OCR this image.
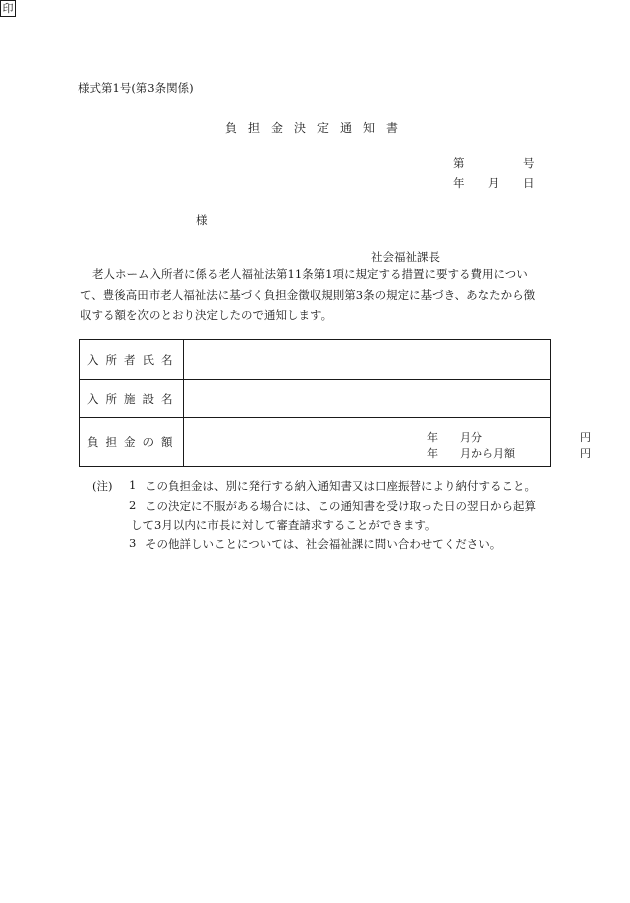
様式第1号(第3条関係)
負担金決定通知書
第	号
年 月 日
様
社会福祉課長
印
老人ホーム入所者に係る老人福祉法第11条第1項に規定する措置に要する費用につい
て、豊後高田市老人福祉法に基づく負担金徴収規則第3条の規定に基づき、あなたから徴
収する額を次のとおり決定したので通知します。
入所者氏名
入所施設名
負担金の額	年 月分	円
年 月から月額	円
(注) 1 この負担金は、別に発行する納入通知書又は口座振替により納付すること。
2 この決定に不服がある場合には、この通知書を受け取った日の翌日から起算
して3月以内に市長に対して審査請求することができます。
3 その他詳しいことについては、社会福祉課に問い合わせてください。
